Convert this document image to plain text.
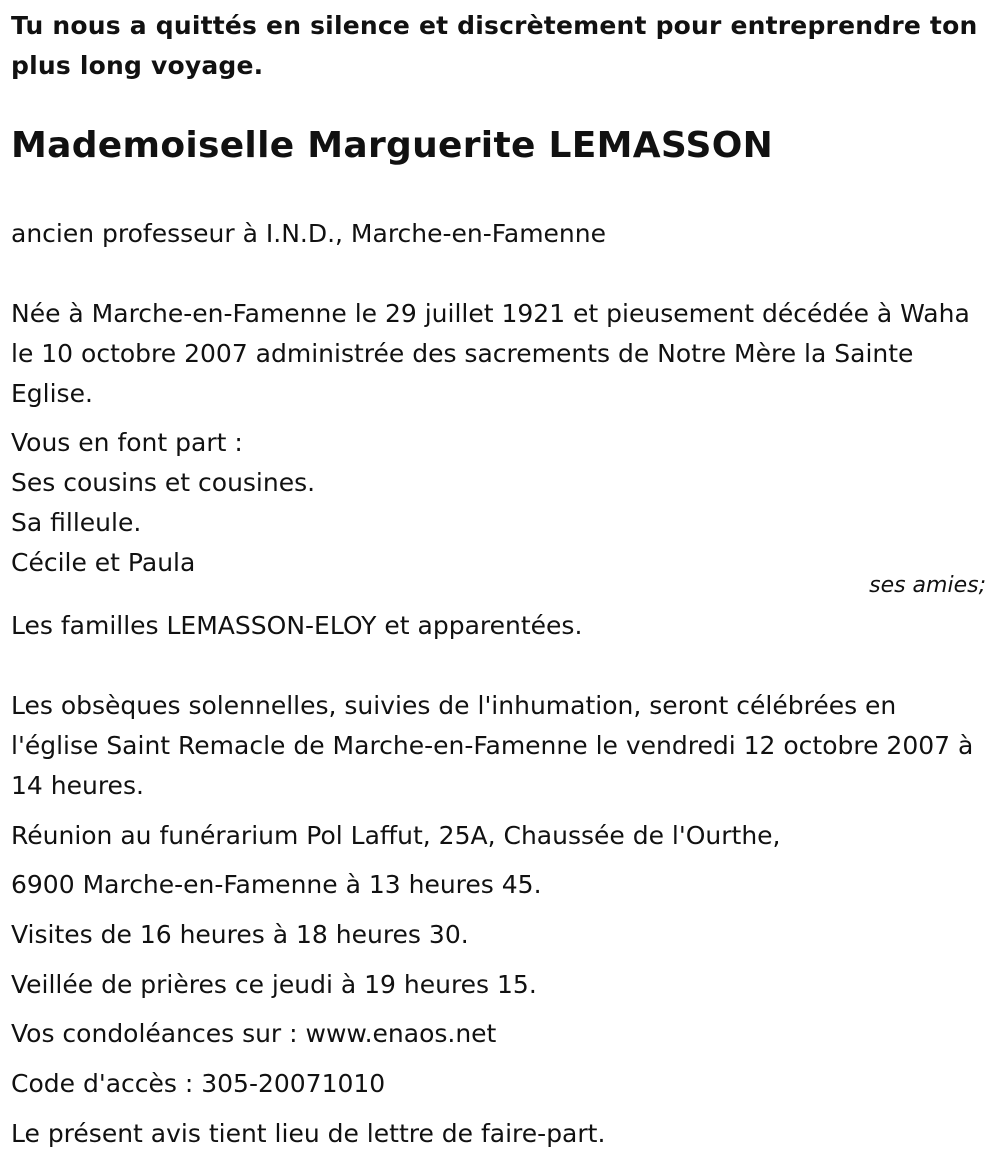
Tu nous a quittés en silence et discrètement pour entreprendre ton plus long voyage.

Mademoiselle Marguerite LEMASSON
ancien professeur à I.N.D., Marche-en-Famenne
Née à Marche-en-Famenne le 29 juillet 1921 et pieusement décédée à Waha le 10 octobre 2007 administrée des sacrements de Notre Mère la Sainte Eglise.
Vous en font part :
Ses cousins et cousines.
Sa filleule.
Cécile et Paula
ses amies;
Les familles LEMASSON-ELOY et apparentées.
Les obsèques solennelles, suivies de l'inhumation, seront célébrées en l'église Saint Remacle de Marche-en-Famenne le vendredi 12 octobre 2007 à 14 heures.
Réunion au funérarium Pol Laffut, 25A, Chaussée de l'Ourthe,
6900 Marche-en-Famenne à 13 heures 45.
Visites de 16 heures à 18 heures 30.
Veillée de prières ce jeudi à 19 heures 15.
Vos condoléances sur : www.enaos.net
Code d'accès : 305-20071010
Le présent avis tient lieu de lettre de faire-part.
